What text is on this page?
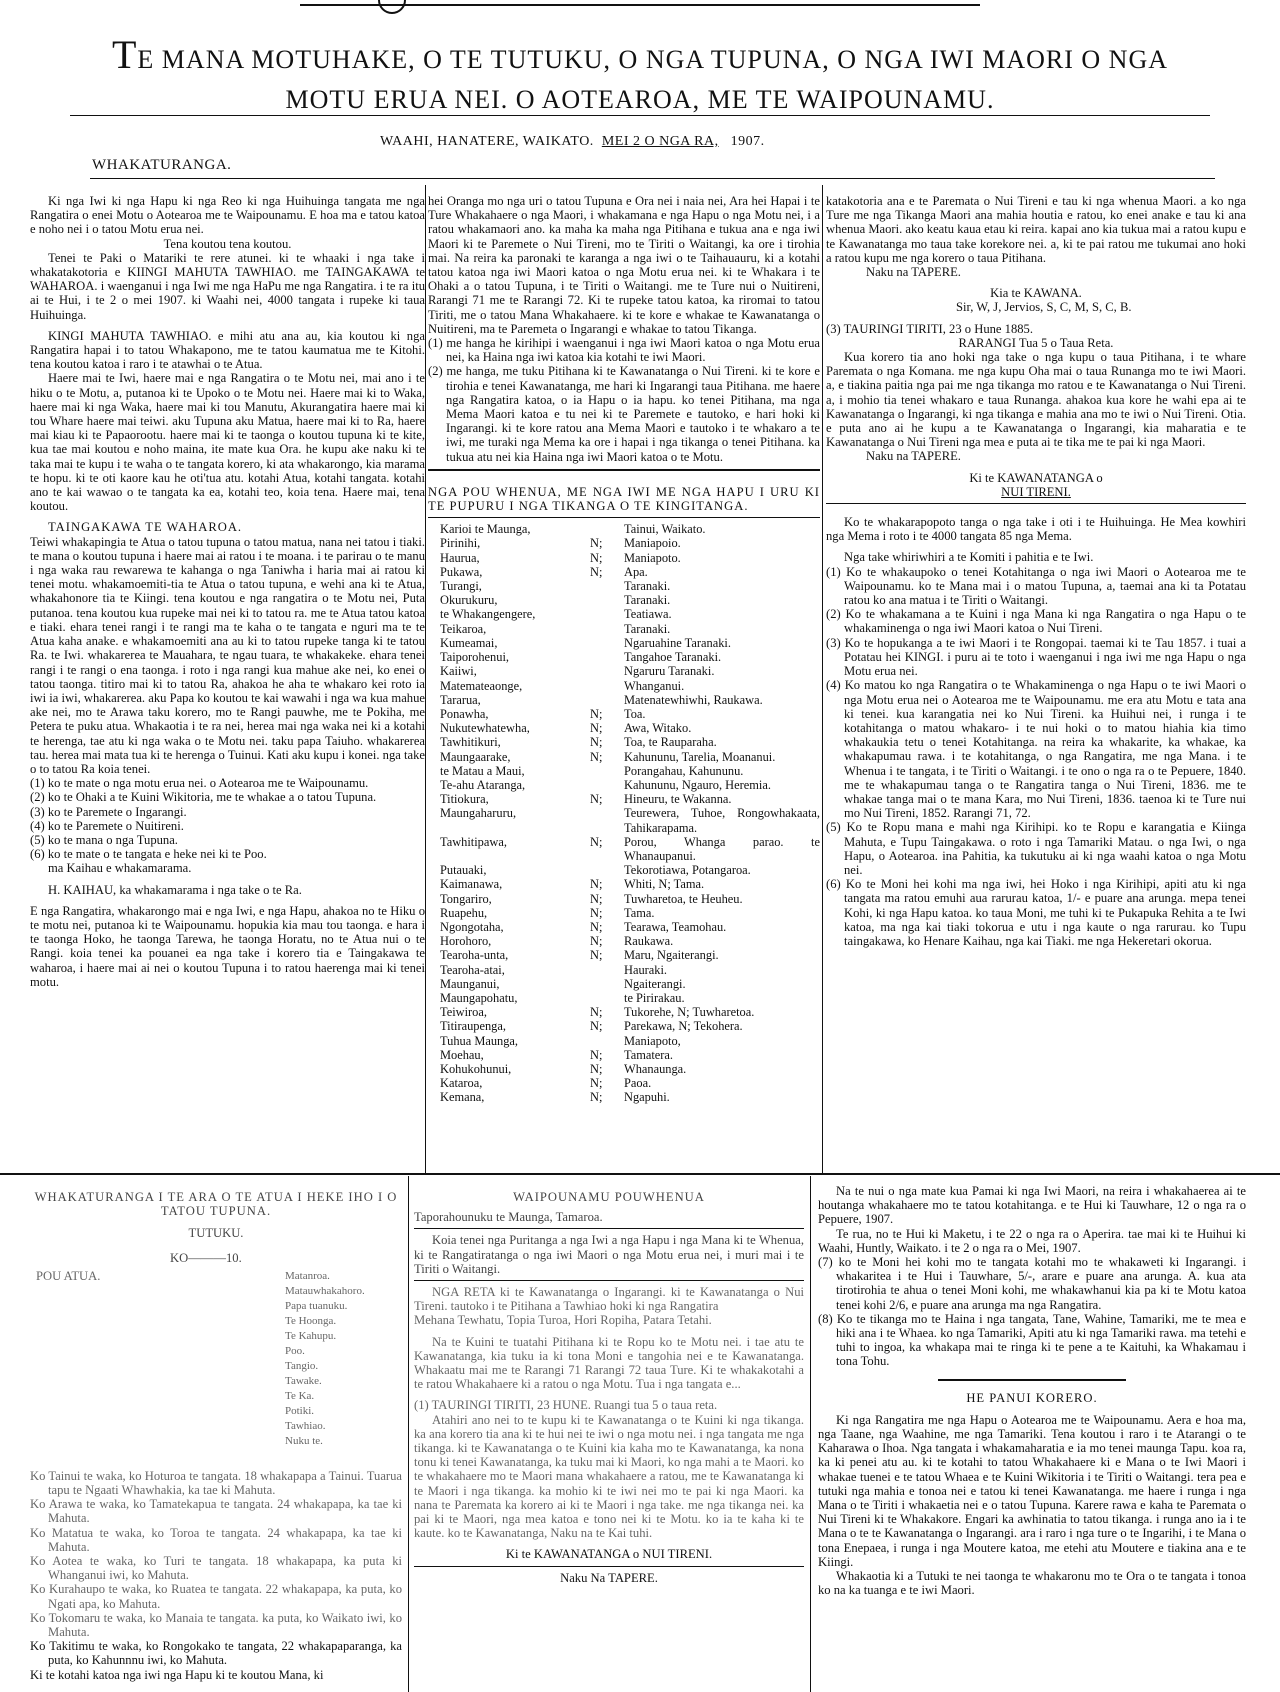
TE MANA MOTUHAKE, O TE TUTUKU, O NGA TUPUNA, O NGA IWI MAORI O NGA
MOTU ERUA NEI. O AOTEAROA, ME TE WAIPOUNAMU.
WAAHI, HANATERE, WAIKATO. MEI 2 O NGA RA, 1907.
WHAKATURANGA.

Ki nga Iwi ki nga Hapu ki nga Reo ki nga Huihuinga tangata me nga Rangatira o enei Motu o Aotearoa me te Waipounamu. E hoa ma e tatou katoa e noho nei i o tatou Motu erua nei.

Tena koutou tena koutou.

Tenei te Paki o Matariki te rere atunei. ki te whaaki i nga take i whakatakotoria e KIINGI MAHUTA TAWHIAO. me TAINGAKAWA te WAHAROA. i waenganui i nga Iwi me nga HaPu me nga Rangatira. i te ra itu ai te Hui, i te 2 o mei 1907. ki Waahi nei, 4000 tangata i rupeke ki taua Huihuinga.

KINGI MAHUTA TAWHIAO. e mihi atu ana au, kia koutou ki nga Rangatira hapai i to tatou Whakapono, me te tatou kaumatua me te Kitohi. tena koutou katoa i raro i te atawhai o te Atua.

Haere mai te Iwi, haere mai e nga Rangatira o te Motu nei, mai ano i te hiku o te Motu, a, putanoa ki te Upoko o te Motu nei. Haere mai ki to Waka, haere mai ki nga Waka, haere mai ki tou Manutu, Akurangatira haere mai ki tou Whare haere mai teiwi. aku Tupuna aku Matua, haere mai ki to Ra, haere mai kiau ki te Papaorootu. haere mai ki te taonga o koutou tupuna ki te kite, kua tae mai koutou e noho maina, ite mate kua Ora. he kupu ake naku ki te taka mai te kupu i te waha o te tangata korero, ki ata whakarongo, kia marama te hopu. ki te oti kaore kau he oti'tua atu. kotahi Atua, kotahi tangata. kotahi ano te kai wawao o te tangata ka ea, kotahi teo, koia tena. Haere mai, tena koutou.

TAINGAKAWA TE WAHAROA.

Teiwi whakapingia te Atua o tatou tupuna o tatou matua, nana nei tatou i tiaki. te mana o koutou tupuna i haere mai ai ratou i te moana. i te parirau o te manu i nga waka rau rewarewa te kahanga o nga Taniwha i haria mai ai ratou ki tenei motu. whakamoemiti-tia te Atua o tatou tupuna, e wehi ana ki te Atua, whakahonore tia te Kiingi. tena koutou e nga rangatira o te Motu nei, Puta putanoa. tena koutou kua rupeke mai nei ki to tatou ra. me te Atua tatou katoa e tiaki. ehara tenei rangi i te rangi ma te kaha o te tangata e nguri ma te te Atua kaha anake. e whakamoemiti ana au ki to tatou rupeke tanga ki te tatou Ra. te Iwi. whakarerea te Mauahara, te ngau tuara, te whakakeke. ehara tenei rangi i te rangi o ena taonga. i roto i nga rangi kua mahue ake nei, ko enei o tatou taonga. titiro mai ki to tatou Ra, ahakoa he aha te whakaro kei roto ia iwi ia iwi, whakarerea. aku Papa ko koutou te kai wawahi i nga wa kua mahue ake nei, mo te Arawa taku korero, mo te Rangi pauwhe, me te Pokiha, me Petera te puku atua. Whakaotia i te ra nei, herea mai nga waka nei ki a kotahi te herenga, tae atu ki nga waka o te Motu nei. taku papa Taiuho. whakarerea tau. herea mai mata tua ki te herenga o Tuinui. Kati aku kupu i konei. nga take o to tatou Ra koia tenei.

(1) ko te mate o nga motu erua nei. o Aotearoa me te Waipounamu.

(2) ko te Ohaki a te Kuini Wikitoria, me te whakae a o tatou Tupuna.

(3) ko te Paremete o Ingarangi.

(4) ko te Paremete o Nuitireni.

(5) ko te mana o nga Tupuna.

(6) ko te mate o te tangata e heke nei ki te Poo.

ma Kaihau e whakamarama.

H. KAIHAU, ka whakamarama i nga take o te Ra.

E nga Rangatira, whakarongo mai e nga Iwi, e nga Hapu, ahakoa no te Hiku o te motu nei, putanoa ki te Waipounamu. hopukia kia mau tou taonga. e hara i te taonga Hoko, he taonga Tarewa, he taonga Horatu, no te Atua nui o te Rangi. koia tenei ka pouanei ea nga take i korero tia e Taingakawa te waharoa, i haere mai ai nei o koutou Tupuna i to ratou haerenga mai ki tenei motu.

hei Oranga mo nga uri o tatou Tupuna e Ora nei i naia nei, Ara hei Hapai i te Ture Whakahaere o nga Maori, i whakamana e nga Hapu o nga Motu nei, i a ratou whakamaori ano. ka maha ka maha nga Pitihana e tukua ana e nga iwi Maori ki te Paremete o Nui Tireni, mo te Tiriti o Waitangi, ka ore i tirohia mai. Na reira ka paronaki te karanga a nga iwi o te Taihauauru, ki a kotahi tatou katoa nga iwi Maori katoa o nga Motu erua nei. ki te Whakara i te Ohaki a o tatou Tupuna, i te Tiriti o Waitangi. me te Ture nui o Nuitireni, Rarangi 71 me te Rarangi 72. Ki te rupeke tatou katoa, ka riromai to tatou Tiriti, me o tatou Mana Whakahaere. ki te kore e whakae te Kawanatanga o Nuitireni, ma te Paremeta o Ingarangi e whakae to tatou Tikanga.

(1) me hanga he kirihipi i waenganui i nga iwi Maori katoa o nga Motu erua nei, ka Haina nga iwi katoa kia kotahi te iwi Maori.

(2) me hanga, me tuku Pitihana ki te Kawanatanga o Nui Tireni. ki te kore e tirohia e tenei Kawanatanga, me hari ki Ingarangi taua Pitihana. me haere nga Rangatira katoa, o ia Hapu o ia hapu. ko tenei Pitihana, ma nga Mema Maori katoa e tu nei ki te Paremete e tautoko, e hari hoki ki Ingarangi. ki te kore ratou ana Mema Maori e tautoko i te whakaro a te iwi, me turaki nga Mema ka ore i hapai i nga tikanga o tenei Pitihana. ka tukua atu nei kia Haina nga iwi Maori katoa o te Motu.

NGA POU WHENUA, ME NGA IWI ME NGA HAPU I URU KI TE PUPURU I NGA TIKANGA O TE KINGITANGA.

Karioi te Maunga,		Tainui, Waikato.
Pirinihi,	N;	Maniapoio.
Haurua,	N;	Maniapoto.
Pukawa,	N;	Apa.
Turangi,		Taranaki.
Okurukuru,		Taranaki.
te Whakangengere,		Teatiawa.
Teikaroa,		Taranaki.
Kumeamai,		Ngaruahine Taranaki.
Taiporohenui,		Tangahoe Taranaki.
Kaiiwi,		Ngaruru Taranaki.
Matemateaonge,		Whanganui.
Tararua,		Matenatewhiwhi, Raukawa.
Ponawha,	N;	Toa.
Nukutewhatewha,	N;	Awa, Witako.
Tawhitikuri,	N;	Toa, te Rauparaha.
Maungaarake,	N;	Kahununu, Tarelia, Moananui.
te Matau a Maui,		Porangahau, Kahununu.
Te-ahu Ataranga,		Kahununu, Ngauro, Heremia.
Titiokura,	N;	Hineuru, te Wakanna.
Maungaharuru,		Teurewera, Tuhoe, Rongowhakaata, Tahikarapama.
Tawhitipawa,	N;	Porou, Whanga parao. te Whanaupanui.
Putauaki,		Tekorotiawa, Potangaroa.
Kaimanawa,	N;	Whiti, N; Tama.
Tongariro,	N;	Tuwharetoa, te Heuheu.
Ruapehu,	N;	Tama.
Ngongotaha,	N;	Tearawa, Teamohau.
Horohoro,	N;	Raukawa.
Tearoha-unta,	N;	Maru, Ngaiterangi.
Tearoha-atai,		Hauraki.
Maunganui,		Ngaiterangi.
Maungapohatu,		te Pirirakau.
Teiwiroa,	N;	Tukorehe, N; Tuwharetoa.
Titiraupenga,	N;	Parekawa, N; Tekohera.
Tuhua Maunga,		Maniapoto,
Moehau,	N;	Tamatera.
Kohukohunui,	N;	Whanaunga.
Kataroa,	N;	Paoa.
Kemana,	N;	Ngapuhi.

katakotoria ana e te Paremata o Nui Tireni e tau ki nga whenua Maori. a ko nga Ture me nga Tikanga Maori ana mahia houtia e ratou, ko enei anake e tau ki ana whenua Maori. ako keatu kaua etau ki reira. kapai ano kia tukua mai a ratou kupu e te Kawanatanga mo taua take korekore nei. a, ki te pai ratou me tukumai ano hoki a ratou kupu me nga korero o taua Pitihana.

Naku na TAPERE.

Kia te KAWANA.

Sir, W, J, Jervios, S, C, M, S, C, B.

(3) TAURINGI TIRITI, 23 o Hune 1885.

RARANGI Tua 5 o Taua Reta.

Kua korero tia ano hoki nga take o nga kupu o taua Pitihana, i te whare Paremata o nga Komana. me nga kupu Oha mai o taua Runanga mo te iwi Maori. a, e tiakina paitia nga pai me nga tikanga mo ratou e te Kawanatanga o Nui Tireni. a, i mohio tia tenei whakaro e taua Runanga. ahakoa kua kore he wahi epa ai te Kawanatanga o Ingarangi, ki nga tikanga e mahia ana mo te iwi o Nui Tireni. Otia. e puta ano ai he kupu a te Kawanatanga o Ingarangi, kia maharatia e te Kawanatanga o Nui Tireni nga mea e puta ai te tika me te pai ki nga Maori.

Naku na TAPERE.

Ki te KAWANATANGA o

NUI TIRENI.

Ko te whakarapopoto tanga o nga take i oti i te Huihuinga. He Mea kowhiri nga Mema i roto i te 4000 tangata 85 nga Mema.

Nga take whiriwhiri a te Komiti i pahitia e te Iwi.

(1) Ko te whakaupoko o tenei Kotahitanga o nga iwi Maori o Aotearoa me te Waipounamu. ko te Mana mai i o matou Tupuna, a, taemai ana ki ta Potatau ratou ko ana matua i te Tiriti o Waitangi.

(2) Ko te whakamana a te Kuini i nga Mana ki nga Rangatira o nga Hapu o te whakaminenga o nga iwi Maori katoa o Nui Tireni.

(3) Ko te hopukanga a te iwi Maori i te Rongopai. taemai ki te Tau 1857. i tuai a Potatau hei KINGI. i puru ai te toto i waenganui i nga iwi me nga Hapu o nga Motu erua nei.

(4) Ko matou ko nga Rangatira o te Whakaminenga o nga Hapu o te iwi Maori o nga Motu erua nei o Aotearoa me te Waipounamu. me era atu Motu e tata ana ki tenei. kua karangatia nei ko Nui Tireni. ka Huihui nei, i runga i te kotahitanga o matou whakaro- i te nui hoki o to matou hiahia kia timo whakaukia tetu o tenei Kotahitanga. na reira ka whakarite, ka whakae, ka whakapumau rawa. i te kotahitanga, o nga Rangatira, me nga Mana. i te Whenua i te tangata, i te Tiriti o Waitangi. i te ono o nga ra o te Pepuere, 1840. me te whakapumau tanga o te Rangatira tanga o Nui Tireni, 1836. me te whakae tanga mai o te mana Kara, mo Nui Tireni, 1836. taenoa ki te Ture nui mo Nui Tireni, 1852. Rarangi 71, 72.

(5) Ko te Ropu mana e mahi nga Kirihipi. ko te Ropu e karangatia e Kiinga Mahuta, e Tupu Taingakawa. o roto i nga Tamariki Matau. o nga Iwi, o nga Hapu, o Aotearoa. ina Pahitia, ka tukutuku ai ki nga waahi katoa o nga Motu nei.

(6) Ko te Moni hei kohi ma nga iwi, hei Hoko i nga Kirihipi, apiti atu ki nga tangata ma ratou emuhi aua rarurau katoa, 1/- e puare ana arunga. mepa tenei Kohi, ki nga Hapu katoa. ko taua Moni, me tuhi ki te Pukapuka Rehita a te Iwi katoa, ma nga kai tiaki tokorua e utu i nga kaute o nga rarurau. ko Tupu taingakawa, ko Henare Kaihau, nga kai Tiaki. me nga Hekeretari okorua.

WHAKATURANGA I TE ARA O TE ATUA I HEKE IHO I O TATOU TUPUNA.

TUTUKU.

KO———10.

POU ATUA.	Matanroa.
Matauwhakahoro.
Papa tuanuku.
Te Hoonga.
Te Kahupu.
Poo.
Tangio.
Tawake.
Te Ka.
Potiki.
Tawhiao.
Nuku te.

Ko Tainui te waka, ko Hoturoa te tangata. 18 whakapapa a Tainui. Tuarua tapu te Ngaati Whawhakia, ka tae ki Mahuta.

Ko Arawa te waka, ko Tamatekapua te tangata. 24 whakapapa, ka tae ki Mahuta.

Ko Matatua te waka, ko Toroa te tangata. 24 whakapapa, ka tae ki Mahuta.

Ko Aotea te waka, ko Turi te tangata. 18 whakapapa, ka puta ki Whanganui iwi, ko Mahuta.

Ko Kurahaupo te waka, ko Ruatea te tangata. 22 whakapapa, ka puta, ko Ngati apa, ko Mahuta.

Ko Tokomaru te waka, ko Manaia te tangata. ka puta, ko Waikato iwi, ko Mahuta.

Ko Takitimu te waka, ko Rongokako te tangata, 22 whakapaparanga, ka puta, ko Kahunnnu iwi, ko Mahuta.

Ki te kotahi katoa nga iwi nga Hapu ki te koutou Mana, ki

WAIPOUNAMU POUWHENUA

Taporahounuku te Maunga, Tamaroa.

Koia tenei nga Puritanga a nga Iwi a nga Hapu i nga Mana ki te Whenua, ki te Rangatiratanga o nga iwi Maori o nga Motu erua nei, i muri mai i te Tiriti o Waitangi.

NGA RETA ki te Kawanatanga o Ingarangi. ki te Kawanatanga o Nui Tireni. tautoko i te Pitihana a Tawhiao hoki ki nga Rangatira

Mehana Tewhatu, Topia Turoa, Hori Ropiha, Patara Tetahi.

Na te Kuini te tuatahi Pitihana ki te Ropu ko te Motu nei. i tae atu te Kawanatanga, kia tuku ia ki tona Moni e tangohia nei e te Kawanatanga. Whakaatu mai me te Rarangi 71 Rarangi 72 taua Ture. Ki te whakakotahi a te ratou Whakahaere ki a ratou o nga Motu. Tua i nga tangata e...

(1) TAURINGI TIRITI, 23 HUNE. Ruangi tua 5 o taua reta.

Atahiri ano nei to te kupu ki te Kawanatanga o te Kuini ki nga tikanga. ka ana korero tia ana ki te hui nei te iwi o nga motu nei. i nga tangata me nga tikanga. ki te Kawanatanga o te Kuini kia kaha mo te Kawanatanga, ka nona tonu ki tenei Kawanatanga, ka tuku mai ki Maori, ko nga mahi a te Maori. ko te whakahaere mo te Maori mana whakahaere a ratou, me te Kawanatanga ki te Maori i nga tikanga. ka mohio ki te iwi nei mo te pai ki nga Maori. ka nana te Paremata ka korero ai ki te Maori i nga take. me nga tikanga nei. ka pai ki te Maori, nga mea katoa e tono nei ki te Motu. ko ia te kaha ki te kaute. ko te Kawanatanga, Naku na te Kai tuhi.

Ki te KAWANATANGA o NUI TIRENI.

Naku Na TAPERE.

Na te nui o nga mate kua Pamai ki nga Iwi Maori, na reira i whakahaerea ai te houtanga whakahaere mo te tatou kotahitanga. e te Hui ki Tauwhare, 12 o nga ra o Pepuere, 1907.

Te rua, no te Hui ki Maketu, i te 22 o nga ra o Aperira. tae mai ki te Huihui ki Waahi, Huntly, Waikato. i te 2 o nga ra o Mei, 1907.

(7) ko te Moni hei kohi mo te tangata kotahi mo te whakaweti ki Ingarangi. i whakaritea i te Hui i Tauwhare, 5/-, arare e puare ana arunga. A. kua ata tirotirohia te ahua o tenei Moni kohi, me whakawhanui kia pa ki te Motu katoa tenei kohi 2/6, e puare ana arunga ma nga Rangatira.

(8) Ko te tikanga mo te Haina i nga tangata, Tane, Wahine, Tamariki, me te mea e hiki ana i te Whaea. ko nga Tamariki, Apiti atu ki nga Tamariki rawa. ma tetehi e tuhi to ingoa, ka whakapa mai te ringa ki te pene a te Kaituhi, ka Whakamau i tona Tohu.

HE PANUI KORERO.

Ki nga Rangatira me nga Hapu o Aotearoa me te Waipounamu. Aera e hoa ma, nga Taane, nga Waahine, me nga Tamariki. Tena koutou i raro i te Atarangi o te Kaharawa o Ihoa. Nga tangata i whakamaharatia e ia mo tenei maunga Tapu. koa ra, ka ki penei atu au. ki te kotahi to tatou Whakahaere ki e Mana o te Iwi Maori i whakae tuenei e te tatou Whaea e te Kuini Wikitoria i te Tiriti o Waitangi. tera pea e tutuki nga mahia e tonoa nei e tatou ki tenei Kawanatanga. me haere i runga i nga Mana o te Tiriti i whakaetia nei e o tatou Tupuna. Karere rawa e kaha te Paremata o Nui Tireni ki te Whakakore. Engari ka awhinatia to tatou tikanga. i runga ano ia i te Mana o te te Kawanatanga o Ingarangi. ara i raro i nga ture o te Ingarihi, i te Mana o tona Enepaea, i runga i nga Moutere katoa, me etehi atu Moutere e tiakina ana e te Kiingi.

Whakaotia ki a Tutuki te nei taonga te whakaronu mo te Ora o te tangata i tonoa ko na ka tuanga e te iwi Maori.
